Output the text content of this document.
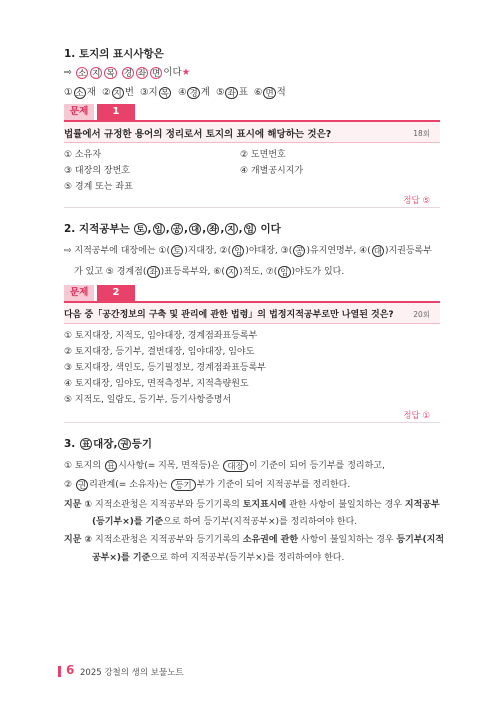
1. 토지의 표시사항은
⇨ 소 지 목 경 좌 면 이다★
① 소 재 ② 지 번 ③지 목 ④ 경 계 ⑤ 좌 표 ⑥ 면 적
문제	1
법률에서 규정한 용어의 정리로서 토지의 표시에 해당하는 것은?	18회
① 소유자	② 도면번호
③ 대장의 장번호	④ 개별공시지가
⑤ 경계 또는 좌표
정답 ⑤
2. 지적공부는 토 , 임 , 공 , 대 , 좌 , 지 , 임 이다
⇨ 지적공부에 대장에는 ①( 토 )지대장, ②( 임 )야대장, ③( 공 )유지연명부, ④( 대 )지권등록부
가 있고 ⑤ 경계점( 좌 )표등록부와, ⑥( 지 )적도, ⑦( 임 )야도가 있다.
문제	2
다음 중「공간정보의 구축 및 관리에 관한 법령」의 법정지적공부로만 나열된 것은?	20회
① 토지대장, 지적도, 임야대장, 경계점좌표등록부
② 토지대장, 등기부, 결번대장, 임야대장, 임야도
③ 토지대장, 색인도, 등기필정보, 경계점좌표등록부
④ 토지대장, 임야도, 면적측정부, 지적측량원도
⑤ 지적도, 일람도, 등기부, 등기사항증명서
정답 ①
3. 표 대장, 권 등기
① 토지의 표 시사항(= 지목, 면적등)은 대장 이 기준이 되어 등기부를 정리하고,
② 권 리관계(= 소유자)는 등기 부가 기준이 되어 지적공부를 정리한다.
지문 ① 지적소관청은 지적공부와 등기기록의 토지표시에 관한 사항이 불일치하는 경우 지적공부
(등기부×)를 기준으로 하여 등기부(지적공부×)를 정리하여야 한다.
지문 ② 지적소관청은 지적공부와 등기기록의 소유권에 관한 사항이 불일치하는 경우 등기부(지적
공부×)를 기준으로 하여 지적공부(등기부×)를 정리하여야 한다.
6 2025 강철의 생의 보물노트
